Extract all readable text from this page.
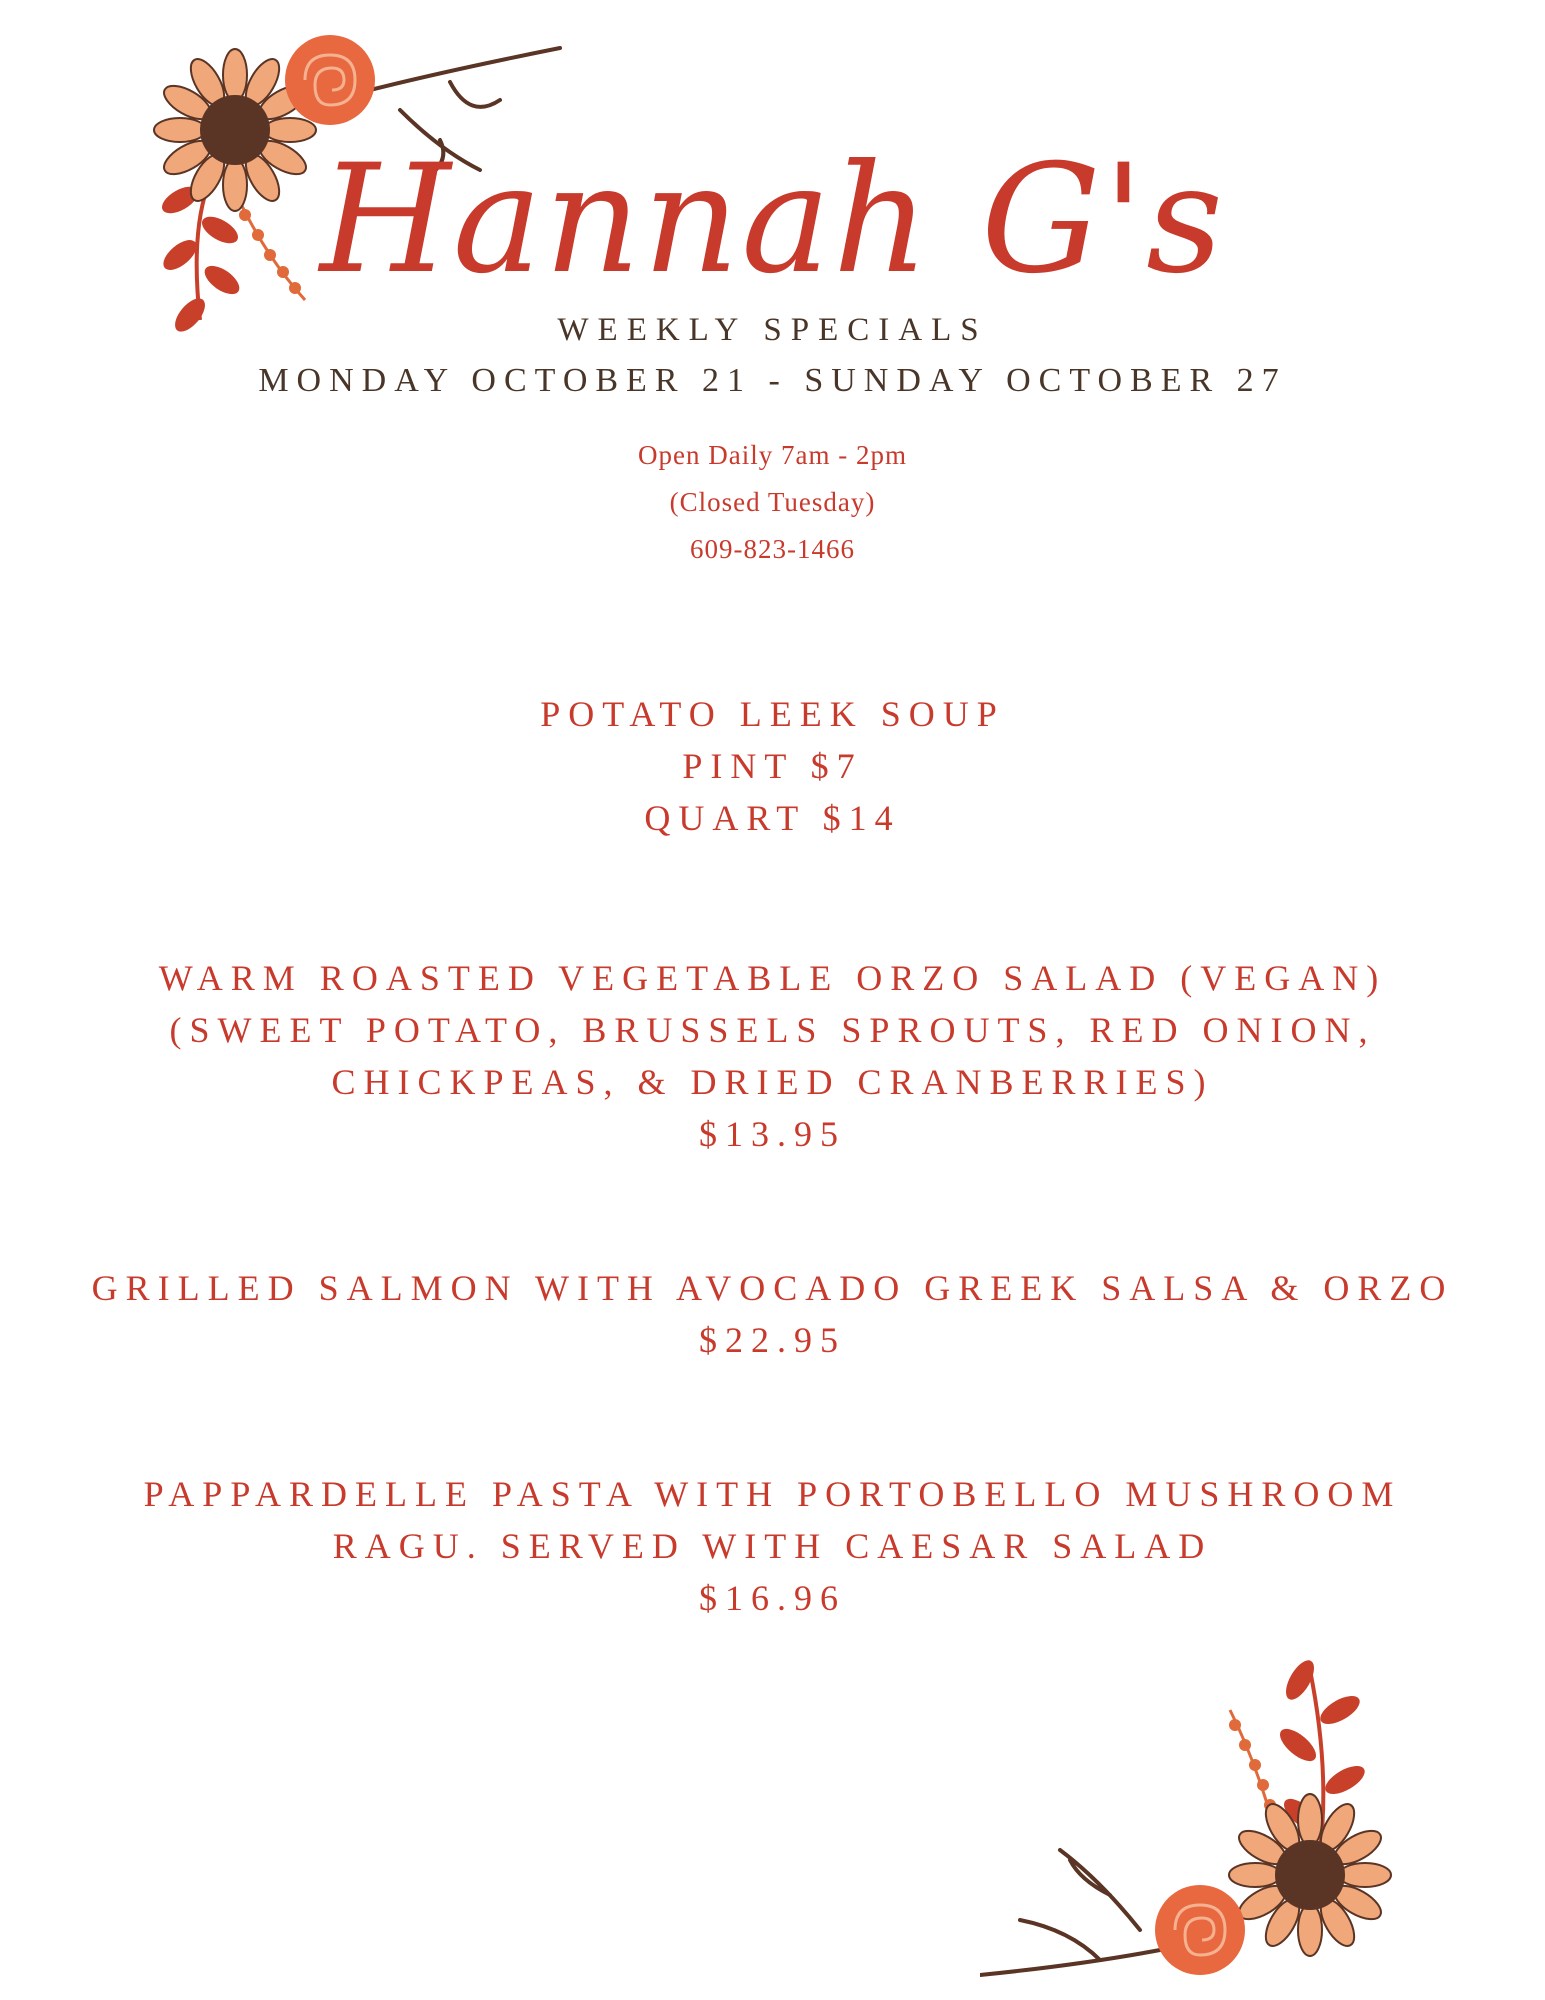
Hannah G's
WEEKLY SPECIALS
MONDAY OCTOBER 21 - SUNDAY OCTOBER 27
Open Daily 7am - 2pm
(Closed Tuesday)
609-823-1466
POTATO LEEK SOUP
PINT $7
QUART $14
WARM ROASTED VEGETABLE ORZO SALAD (VEGAN)
(SWEET POTATO, BRUSSELS SPROUTS, RED ONION,
CHICKPEAS, & DRIED CRANBERRIES)
$13.95
GRILLED SALMON WITH AVOCADO GREEK SALSA & ORZO
$22.95
PAPPARDELLE PASTA WITH PORTOBELLO MUSHROOM
RAGU. SERVED WITH CAESAR SALAD
$16.96
